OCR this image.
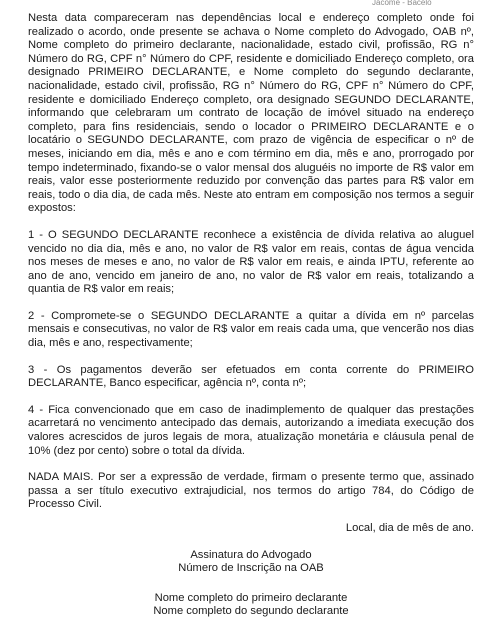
Jácome - Bacelo

Nesta data compareceram nas dependências local e endereço completo onde foi realizado o acordo, onde presente se achava o Nome completo do Advogado, OAB nº, Nome completo do primeiro declarante, nacionalidade, estado civil, profissão, RG n° Número do RG, CPF n° Número do CPF, residente e domiciliado Endereço completo, ora designado PRIMEIRO DECLARANTE, e Nome completo do segundo declarante, nacionalidade, estado civil, profissão, RG n° Número do RG, CPF n° Número do CPF, residente e domiciliado Endereço completo, ora designado SEGUNDO DECLARANTE, informando que celebraram um contrato de locação de imóvel situado na endereço completo, para fins residenciais, sendo o locador o PRIMEIRO DECLARANTE e o locatário o SEGUNDO DECLARANTE, com prazo de vigência de especificar o nº de meses, iniciando em dia, mês e ano e com término em dia, mês e ano, prorrogado por tempo indeterminado, fixando-se o valor mensal dos aluguéis no importe de R$ valor em reais, valor esse posteriormente reduzido por convenção das partes para R$ valor em reais, todo o dia dia, de cada mês. Neste ato entram em composição nos termos a seguir expostos:

1 - O SEGUNDO DECLARANTE reconhece a existência de dívida relativa ao aluguel vencido no dia dia, mês e ano, no valor de R$ valor em reais, contas de água vencida nos meses de meses e ano, no valor de R$ valor em reais, e ainda IPTU, referente ao ano de ano, vencido em janeiro de ano, no valor de R$ valor em reais, totalizando a quantia de R$ valor em reais;

2 - Compromete-se o SEGUNDO DECLARANTE a quitar a dívida em nº parcelas mensais e consecutivas, no valor de R$ valor em reais cada uma, que vencerão nos dias dia, mês e ano, respectivamente;

3 - Os pagamentos deverão ser efetuados em conta corrente do PRIMEIRO DECLARANTE, Banco especificar, agência nº, conta nº;

4 - Fica convencionado que em caso de inadimplemento de qualquer das prestações acarretará no vencimento antecipado das demais, autorizando a imediata execução dos valores acrescidos de juros legais de mora, atualização monetária e cláusula penal de 10% (dez por cento) sobre o total da dívida.

NADA MAIS. Por ser a expressão de verdade, firmam o presente termo que, assinado passa a ser título executivo extrajudicial, nos termos do artigo 784, do Código de Processo Civil.

Local, dia de mês de ano.

Assinatura do Advogado
Número de Inscrição na OAB
Nome completo do primeiro declarante
Nome completo do segundo declarante
